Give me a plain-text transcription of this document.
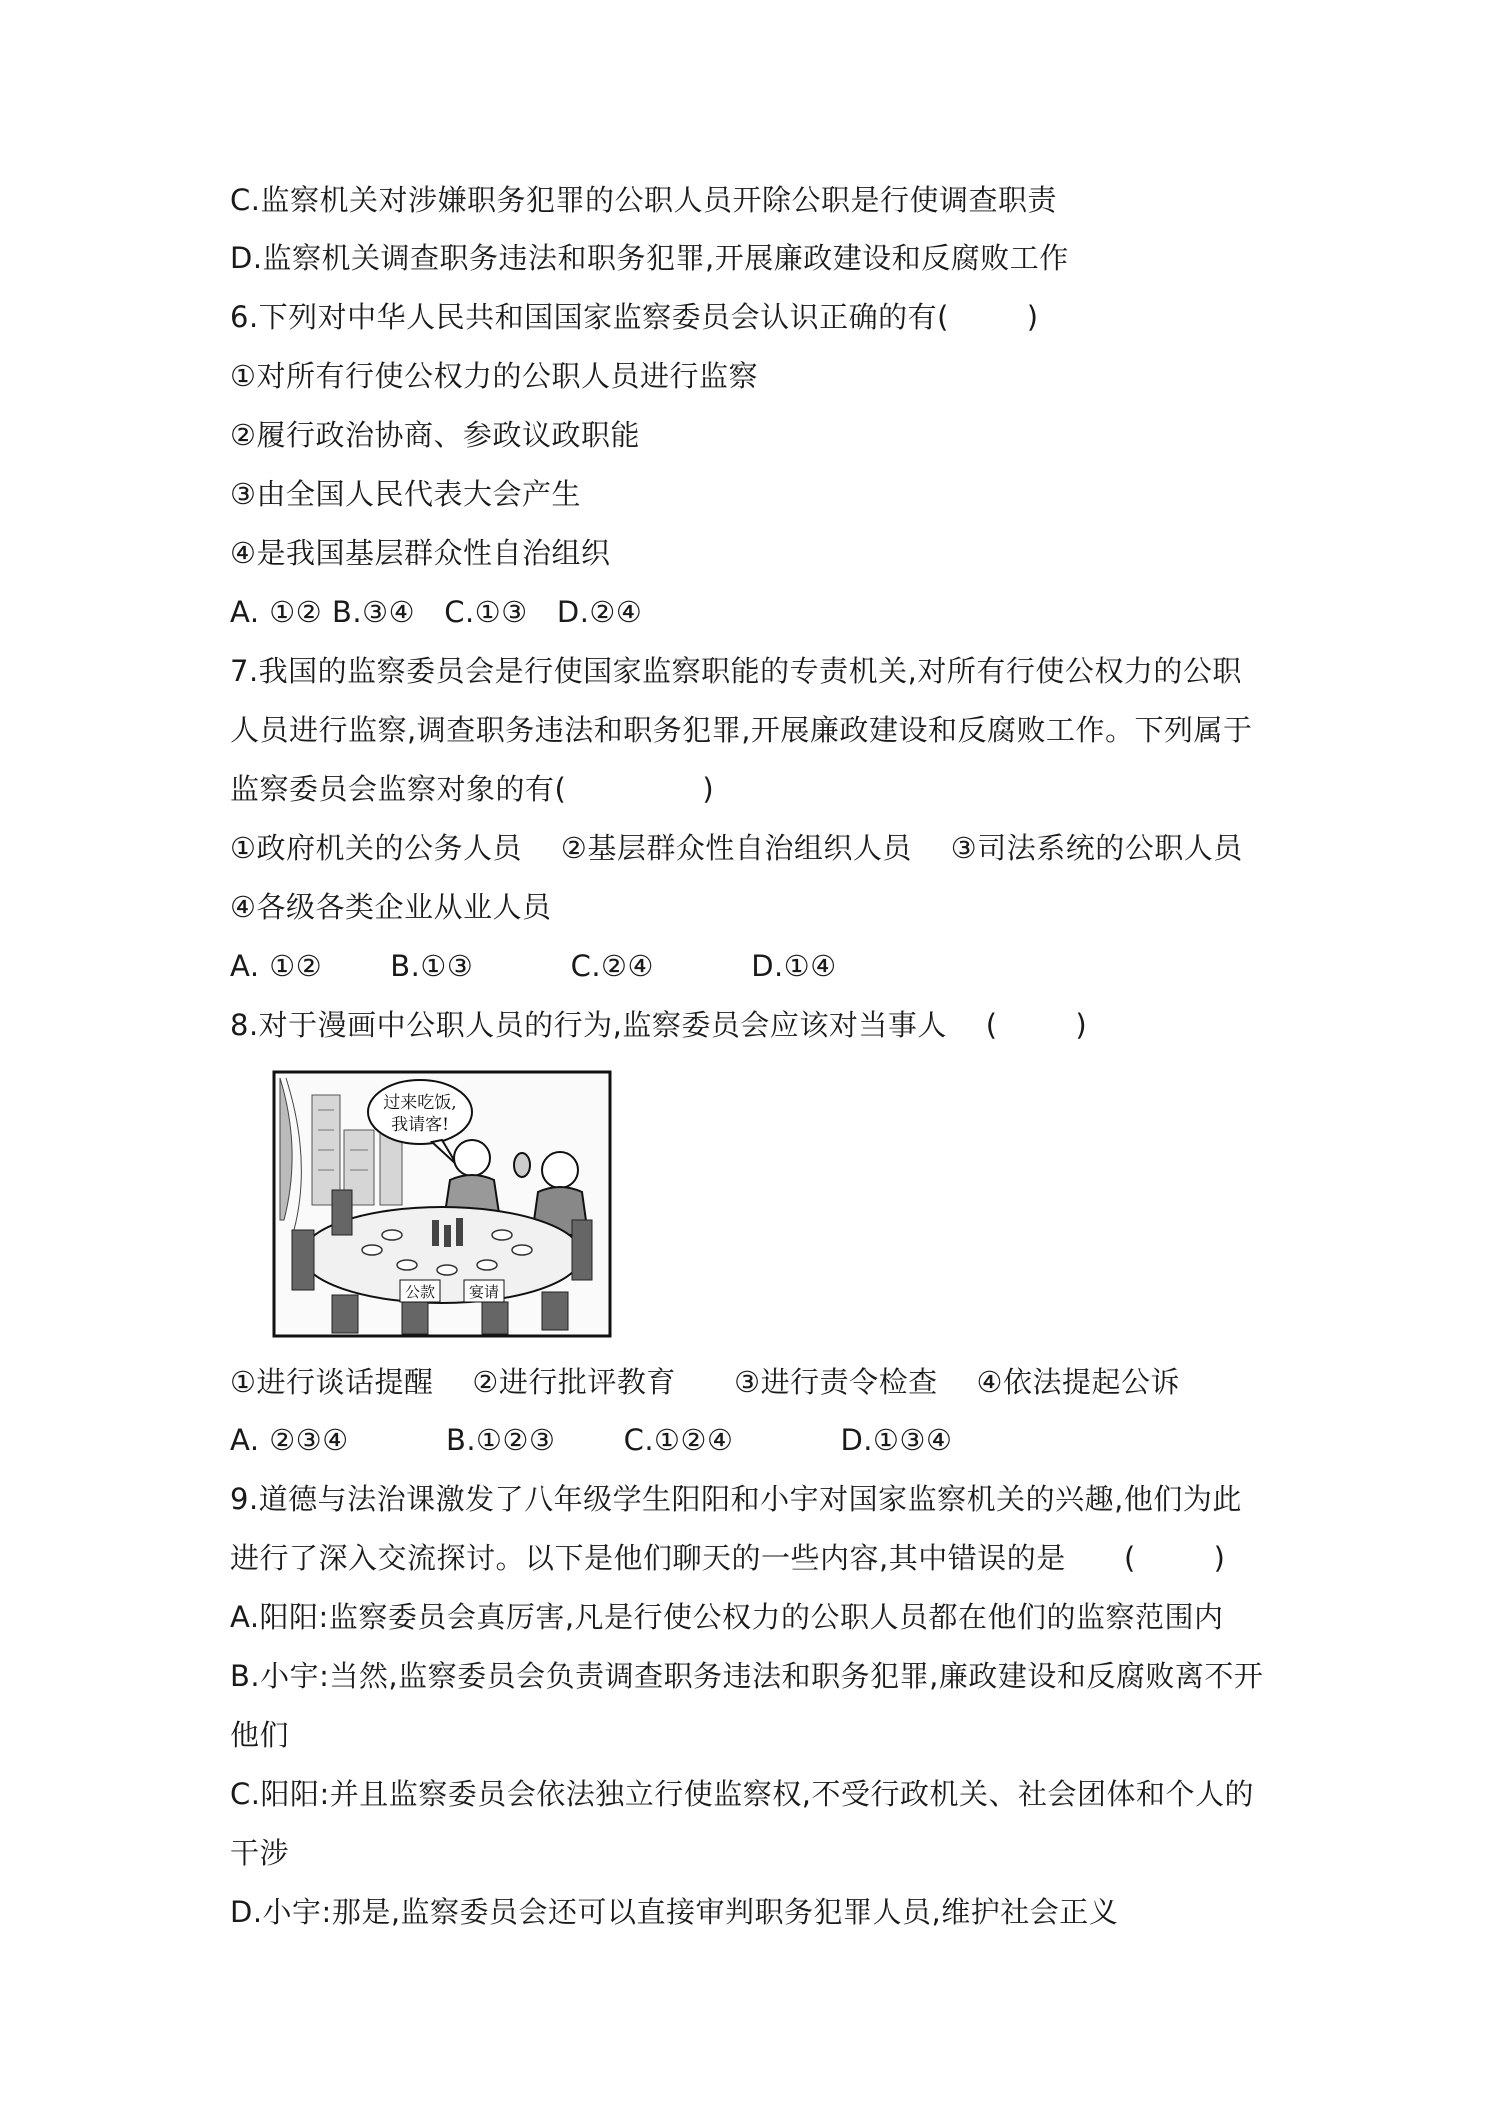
C.监察机关对涉嫌职务犯罪的公职人员开除公职是行使调查职责
D.监察机关调查职务违法和职务犯罪,开展廉政建设和反腐败工作
6.下列对中华人民共和国国家监察委员会认识正确的有(        )
①对所有行使公权力的公职人员进行监察
②履行政治协商、参政议政职能
③由全国人民代表大会产生
④是我国基层群众性自治组织
A. ①② B.③④   C.①③   D.②④
7.我国的监察委员会是行使国家监察职能的专责机关,对所有行使公权力的公职
人员进行监察,调查职务违法和职务犯罪,开展廉政建设和反腐败工作。下列属于
监察委员会监察对象的有(              )
①政府机关的公务人员    ②基层群众性自治组织人员    ③司法系统的公职人员
④各级各类企业从业人员
A. ①②       B.①③          C.②④          D.①④
8.对于漫画中公职人员的行为,监察委员会应该对当事人    (        )
过来吃饭,
我请客!
公款 宴请
①进行谈话提醒    ②进行批评教育      ③进行责令检查    ④依法提起公诉
A. ②③④          B.①②③       C.①②④           D.①③④
9.道德与法治课激发了八年级学生阳阳和小宇对国家监察机关的兴趣,他们为此
进行了深入交流探讨。以下是他们聊天的一些内容,其中错误的是      (        )
A.阳阳:监察委员会真厉害,凡是行使公权力的公职人员都在他们的监察范围内
B.小宇:当然,监察委员会负责调查职务违法和职务犯罪,廉政建设和反腐败离不开
他们
C.阳阳:并且监察委员会依法独立行使监察权,不受行政机关、社会团体和个人的
干涉
D.小宇:那是,监察委员会还可以直接审判职务犯罪人员,维护社会正义
